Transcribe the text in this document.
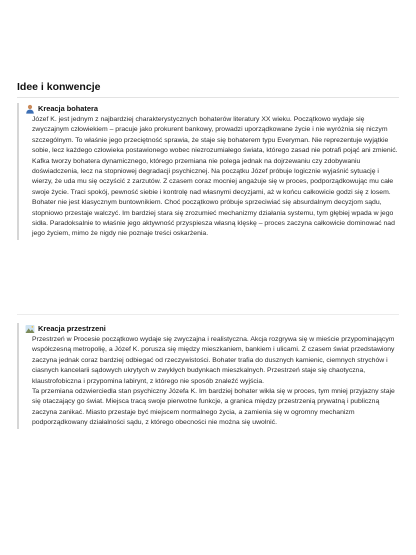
Idee i konwencje
Kreacja bohatera

Józef K. jest jednym z najbardziej charakterystycznych bohaterów literatury XX wieku. Początkowo wydaje się zwyczajnym człowiekiem – pracuje jako prokurent bankowy, prowadzi uporządkowane życie i nie wyróżnia się niczym szczególnym. To właśnie jego przeciętność sprawia, że staje się bohaterem typu Everyman. Nie reprezentuje wyjątkie sobie, lecz każdego człowieka postawionego wobec niezrozumiałego świata, którego zasad nie potrafi pojąć ani zmienić.

Kafka tworzy bohatera dynamicznego, którego przemiana nie polega jednak na dojrzewaniu czy zdobywaniu doświadczenia, lecz na stopniowej degradacji psychicznej. Na początku Józef próbuje logicznie wyjaśnić sytuację i wierzy, że uda mu się oczyścić z zarzutów. Z czasem coraz mocniej angażuje się w proces, podporządkowując mu całe swoje życie. Traci spokój, pewność siebie i kontrolę nad własnymi decyzjami, aż w końcu całkowicie godzi się z losem.

Bohater nie jest klasycznym buntownikiem. Choć początkowo próbuje sprzeciwiać się absurdalnym decyzjom sądu, stopniowo przestaje walczyć. Im bardziej stara się zrozumieć mechanizmy działania systemu, tym głębiej wpada w jego sidła. Paradoksalnie to właśnie jego aktywność przyspiesza własną klęskę – proces zaczyna całkowicie dominować nad jego życiem, mimo że nigdy nie poznaje treści oskarżenia.

Kreacja przestrzeni

Przestrzeń w Procesie początkowo wydaje się zwyczajna i realistyczna. Akcja rozgrywa się w mieście przypominającym współczesną metropolię, a Józef K. porusza się między mieszkaniem, bankiem i ulicami. Z czasem świat przedstawiony zaczyna jednak coraz bardziej odbiegać od rzeczywistości. Bohater trafia do dusznych kamienic, ciemnych strychów i ciasnych kancelarii sądowych ukrytych w zwykłych budynkach mieszkalnych. Przestrzeń staje się chaotyczna, klaustrofobiczna i przypomina labirynt, z którego nie sposób znaleźć wyjścia.

Ta przemiana odzwierciedla stan psychiczny Józefa K. Im bardziej bohater wikła się w proces, tym mniej przyjazny staje się otaczający go świat. Miejsca tracą swoje pierwotne funkcje, a granica między przestrzenią prywatną i publiczną zaczyna zanikać. Miasto przestaje być miejscem normalnego życia, a zamienia się w ogromny mechanizm podporządkowany działalności sądu, z którego obecności nie można się uwolnić.
